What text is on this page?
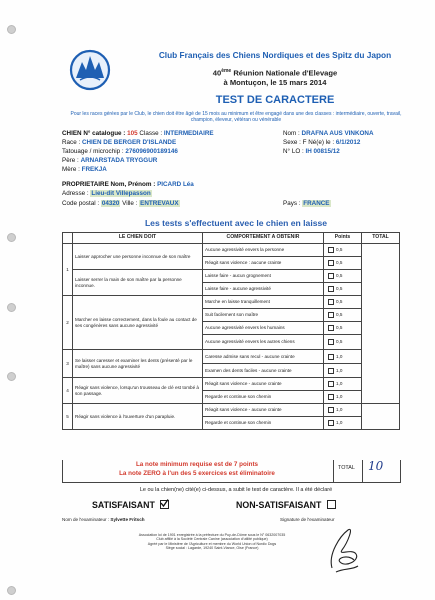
Club Français des Chiens Nordiques et des Spitz du Japon
40ème Réunion Nationale d'Elevage
à Montuçon, le 15 mars 2014
TEST DE CARACTERE
Pour les races gérées par le Club, le chien doit être âgé de 15 mois au minimum et être engagé dans une des classes : intermédiaire, ouverte, travail, champion, éleveur, vétéran ou vénérable
CHIEN N° catalogue : 105 Classe : INTERMEDIAIRE	Nom : DRAFNA AUS VINKONA
Race : CHIEN DE BERGER D'ISLANDE	Sexe : F Né(e) le : 6/1/2012
Tatouage / microchip : 276096900189146	N° LO : IH 00815/12
Père : ARNARSTADA TRYGGUR
Mère : FREKJA
PROPRIETAIRE Nom, Prénom : PICARD Léa
Adresse : Lieu-dit Villepasson
Code postal : 04320 Ville : ENTREVAUX	Pays : FRANCE
Les tests s'effectuent avec le chien en laisse
	LE CHIEN DOIT	COMPORTEMENT A OBTENIR	Points	TOTAL
1	Laisser approcher une personne inconnue de son maître	Aucune agressivité envers la personne	0,5	
		Réagit sans violence : aucune crainte	0,5	
	Laisser serrer la main de son maître par la personne inconnue.	Laisse faire - aucun grognement	0,5	
		Laisse faire - aucune agressivité	0,5	
2	Marcher en laisse correctement, dans la foule au contact de ses congénères sans aucune agressivité	Marche en laisse tranquillement	0,5	
		Suit facilement son maître	0,5	
		Aucune agressivité envers les humains	0,5	
		Aucune agressivité envers les autres chiens	0,5	
3	Se laisser caresser et examiner les dents (présenté par le maître) sans aucune agressivité	Caresse admise sans recul - aucune crainte	1,0	
		Examen des dents faciles - aucune crainte	1,0	
4	Réagir sans violence, lorsqu'un trousseau de clé est tombé à son passage.	Réagit sans violence - aucune crainte	1,0	
		Regarde et continue son chemin	1,0	
5	Réagir sans violence à l'ouverture d'un parapluie.	Réagit sans violence - aucune crainte	1,0	
		Regarde et continue son chemin	1,0	
La note minimum requise est de 7 points
La note ZERO à l'un des 5 exercices est éliminatoire
TOTAL 10
Le ou la chien(ne) cité(e) ci-dessus, a subit le test de caractère. Il a été déclaré
SATISFAISANT	NON-SATISFAISANT
Nom de l'examinateur : Sylvette Fritsch	Signature de l'examinateur
Association loi de 1901 enregistrée à la préfecture du Puy-de-Dôme sous le N° 0632007035
Club affilié à la Société Centrale Canine (association d'utilité publique)
Agréé par le Ministère de l'Agriculture et membre du World Union of Nordic Dogs
Siège social : Lagarde, 19240 Saint-Viance, Oise (France)
